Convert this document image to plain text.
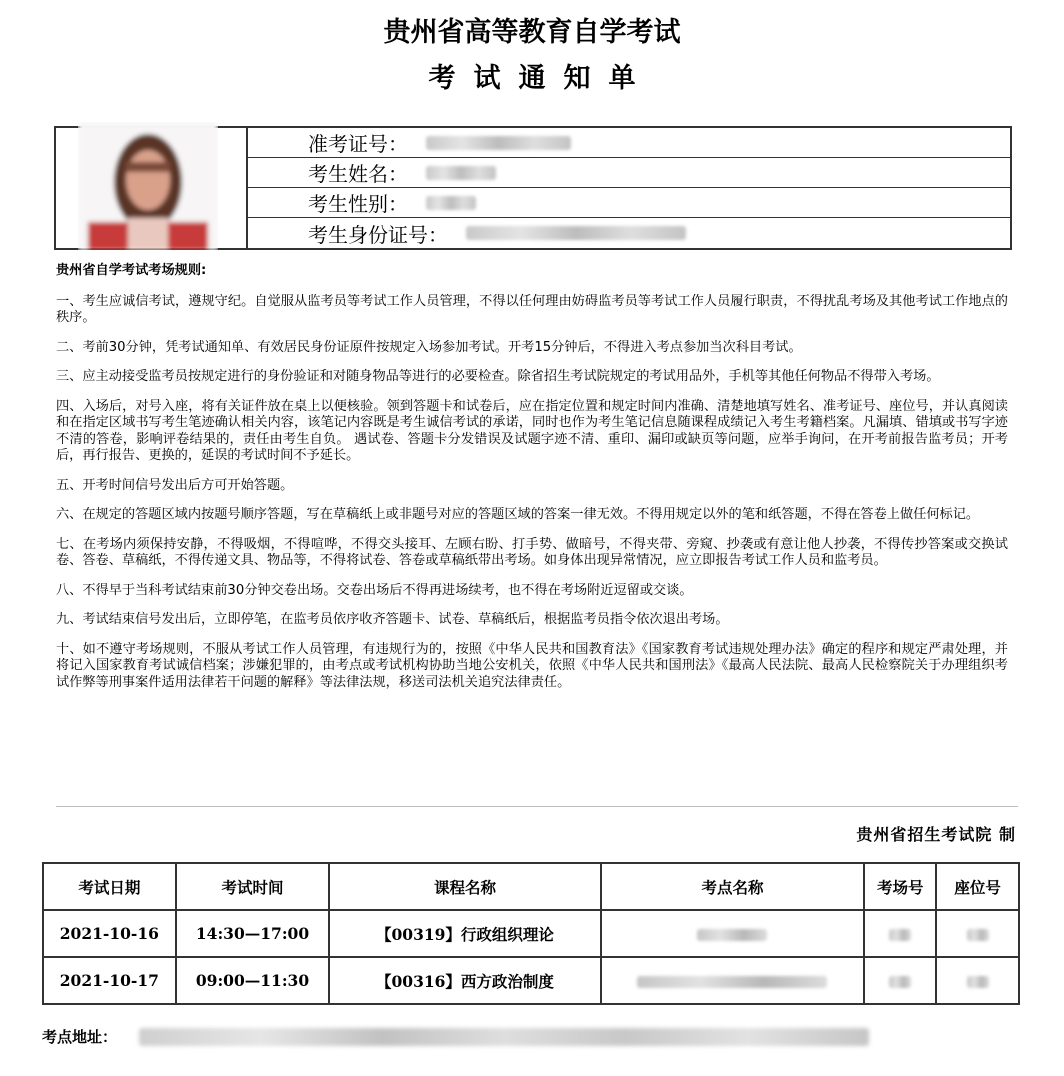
贵州省高等教育自学考试
考试通知单
准考证号：
考生姓名：
考生性别：
考生身份证号：
贵州省自学考试考场规则:
一、考生应诚信考试，遵规守纪。自觉服从监考员等考试工作人员管理，不得以任何理由妨碍监考员等考试工作人员履行职责，不得扰乱考场及其他考试工作地点的秩序。
二、考前30分钟，凭考试通知单、有效居民身份证原件按规定入场参加考试。开考15分钟后，不得进入考点参加当次科目考试。
三、应主动接受监考员按规定进行的身份验证和对随身物品等进行的必要检查。除省招生考试院规定的考试用品外，手机等其他任何物品不得带入考场。
四、入场后，对号入座，将有关证件放在桌上以便核验。领到答题卡和试卷后，应在指定位置和规定时间内准确、清楚地填写姓名、准考证号、座位号，并认真阅读和在指定区域书写考生笔迹确认相关内容，该笔记内容既是考生诚信考试的承诺，同时也作为考生笔记信息随课程成绩记入考生考籍档案。凡漏填、错填或书写字迹不清的答卷，影响评卷结果的，责任由考生自负。 遇试卷、答题卡分发错误及试题字迹不清、重印、漏印或缺页等问题，应举手询问，在开考前报告监考员；开考后，再行报告、更换的，延误的考试时间不予延长。
五、开考时间信号发出后方可开始答题。
六、在规定的答题区域内按题号顺序答题，写在草稿纸上或非题号对应的答题区域的答案一律无效。不得用规定以外的笔和纸答题，不得在答卷上做任何标记。
七、在考场内须保持安静，不得吸烟，不得喧哗，不得交头接耳、左顾右盼、打手势、做暗号，不得夹带、旁窥、抄袭或有意让他人抄袭，不得传抄答案或交换试卷、答卷、草稿纸，不得传递文具、物品等，不得将试卷、答卷或草稿纸带出考场。如身体出现异常情况，应立即报告考试工作人员和监考员。
八、不得早于当科考试结束前30分钟交卷出场。交卷出场后不得再进场续考，也不得在考场附近逗留或交谈。
九、考试结束信号发出后，立即停笔，在监考员依序收齐答题卡、试卷、草稿纸后，根据监考员指令依次退出考场。
十、如不遵守考场规则，不服从考试工作人员管理，有违规行为的，按照《中华人民共和国教育法》《国家教育考试违规处理办法》确定的程序和规定严肃处理，并将记入国家教育考试诚信档案；涉嫌犯罪的，由考点或考试机构协助当地公安机关，依照《中华人民共和国刑法》《最高人民法院、最高人民检察院关于办理组织考试作弊等刑事案件适用法律若干问题的解释》等法律法规，移送司法机关追究法律责任。
贵州省招生考试院 制
考试日期	考试时间	课程名称	考点名称	考场号	座位号
2021-10-16	14:30—17:00	【00319】行政组织理论			
2021-10-17	09:00—11:30	【00316】西方政治制度			
考点地址：
